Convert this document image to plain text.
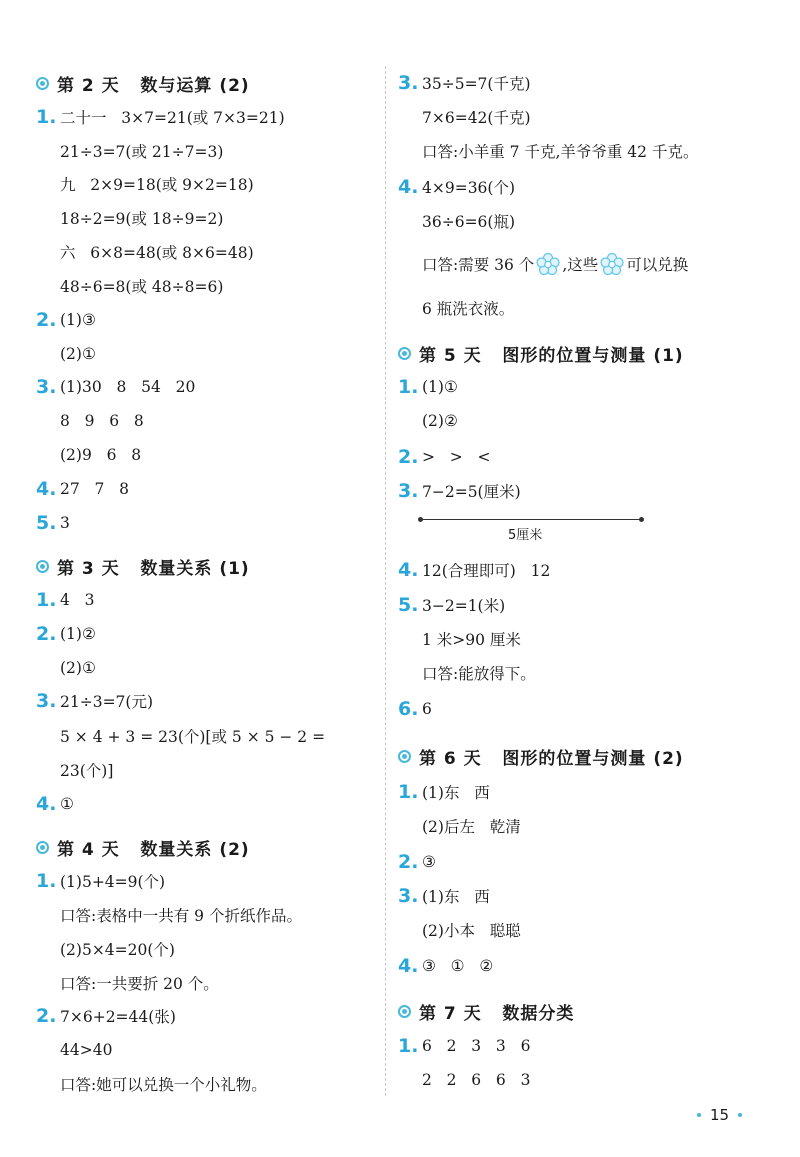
第 2 天   数与运算 (2)
1. 二十一   3×7=21(或 7×3=21)
21÷3=7(或 21÷7=3)
九   2×9=18(或 9×2=18)
18÷2=9(或 18÷9=2)
六   6×8=48(或 8×6=48)
48÷6=8(或 48÷8=6)
2. (1)③
(2)①
3. (1)30   8   54   20
8   9   6   8
(2)9   6   8
4. 27   7   8
5. 3
第 3 天   数量关系 (1)
1. 4   3
2. (1)②
(2)①
3. 21÷3=7(元)
5 × 4 + 3 = 23(个)[或 5 × 5 − 2 =
23(个)]
4. ①
第 4 天   数量关系 (2)
1. (1)5+4=9(个)
口答:表格中一共有 9 个折纸作品。
(2)5×4=20(个)
口答:一共要折 20 个。
2. 7×6+2=44(张)
44>40
口答:她可以兑换一个小礼物。
3. 35÷5=7(千克)
7×6=42(千克)
口答:小羊重 7 千克,羊爷爷重 42 千克。
4. 4×9=36(个)
36÷6=6(瓶)
口答:需要 36 个 ,这些 可以兑换
6 瓶洗衣液。
第 5 天   图形的位置与测量 (1)
1. (1)①
(2)②
2. >   >   <
3. 7−2=5(厘米)
5厘米
4. 12(合理即可)   12
5. 3−2=1(米)
1 米>90 厘米
口答:能放得下。
6. 6
第 6 天   图形的位置与测量 (2)
1. (1)东   西
(2)后左   乾清
2. ③
3. (1)东   西
(2)小本   聪聪
4. ③   ①   ②
第 7 天   数据分类
1. 6   2   3   3   6
2   2   6   6   3
15
